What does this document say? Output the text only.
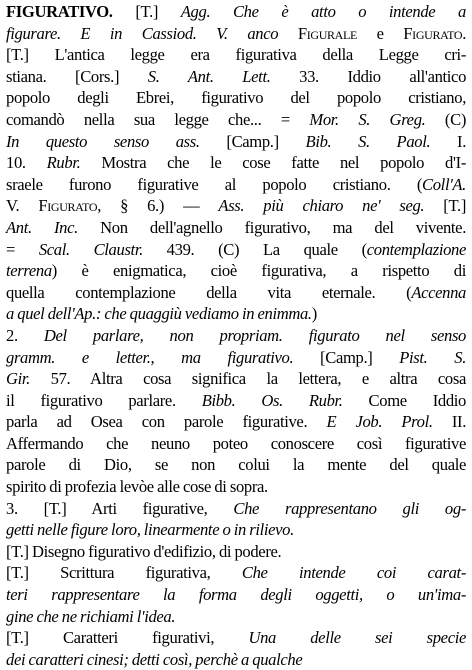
FIGURATIVO. [T.] Agg. Che è atto o intende a
figurare. E in Cassiod. V. anco Figurale e Figurato.
[T.] L'antica legge era figurativa della Legge cri-
stiana. [Cors.] S. Ant. Lett. 33. Iddio all'antico
popolo degli Ebrei, figurativo del popolo cristiano,
comandò nella sua legge che... = Mor. S. Greg. (C)
In questo senso ass. [Camp.] Bib. S. Paol. I.
10. Rubr. Mostra che le cose fatte nel popolo d'I-
sraele furono figurative al popolo cristiano. (Coll'A.
V. Figurato, § 6.) — Ass. più chiaro ne' seg. [T.]
Ant. Inc. Non dell'agnello figurativo, ma del vivente.
= Scal. Claustr. 439. (C) La quale (contemplazione
terrena) è enigmatica, cioè figurativa, a rispetto di
quella contemplazione della vita eternale. (Accenna
a quel dell'Ap.: che quaggiù vediamo in enimma.)
2. Del parlare, non propriam. figurato nel senso
gramm. e letter., ma figurativo. [Camp.] Pist. S.
Gir. 57. Altra cosa significa la lettera, e altra cosa
il figurativo parlare. Bibb. Os. Rubr. Come Iddio
parla ad Osea con parole figurative. E Job. Prol. II.
Affermando che neuno poteo conoscere così figurative
parole di Dio, se non colui la mente del quale
spirito di profezia levòe alle cose di sopra.
3. [T.] Arti figurative, Che rappresentano gli og-
getti nelle figure loro, linearmente o in rilievo.
[T.] Disegno figurativo d'edifizio, di podere.
[T.] Scrittura figurativa, Che intende coi carat-
teri rappresentare la forma degli oggetti, o un'ima-
gine che ne richiami l'idea.
[T.] Caratteri figurativi, Una delle sei specie
dei caratteri cinesi; detti così, perchè a qualche
